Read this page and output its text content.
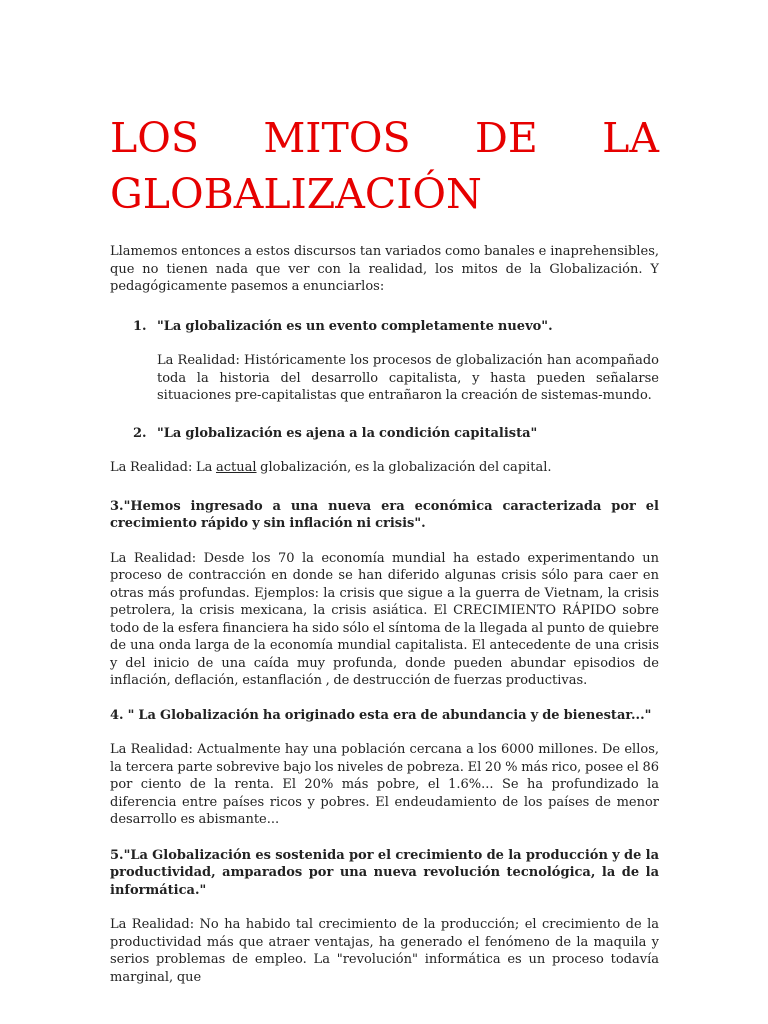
LOS MITOS DE LA
GLOBALIZACIÓN

Llamemos entonces a estos discursos tan variados como banales e inaprehensibles, que no tienen nada que ver con la realidad, los mitos de la Globalización. Y pedagógicamente pasemos a enunciarlos:

1. "La globalización es un evento completamente nuevo".

La Realidad: Históricamente los procesos de globalización han acompañado toda la historia del desarrollo capitalista, y hasta pueden señalarse situaciones pre-capitalistas que entrañaron la creación de sistemas-mundo.

2. "La globalización es ajena a la condición capitalista"

La Realidad: La actual globalización, es la globalización del capital.

3."Hemos ingresado a una nueva era económica caracterizada por el crecimiento rápido y sin inflación ni crisis".

La Realidad: Desde los 70 la economía mundial ha estado experimentando un proceso de contracción en donde se han diferido algunas crisis sólo para caer en otras más profundas. Ejemplos: la crisis que sigue a la guerra de Vietnam, la crisis petrolera, la crisis mexicana, la crisis asiática. El CRECIMIENTO RÁPIDO sobre todo de la esfera financiera ha sido sólo el síntoma de la llegada al punto de quiebre de una onda larga de la economía mundial capitalista. El antecedente de una crisis y del inicio de una caída muy profunda, donde pueden abundar episodios de inflación, deflación, estanflación , de destrucción de fuerzas productivas.

4. " La Globalización ha originado esta era de abundancia y de bienestar..."

La Realidad: Actualmente hay una población cercana a los 6000 millones. De ellos, la tercera parte sobrevive bajo los niveles de pobreza. El 20 % más rico, posee el 86 por ciento de la renta. El 20% más pobre, el 1.6%... Se ha profundizado la diferencia entre países ricos y pobres. El endeudamiento de los países de menor desarrollo es abismante...

5."La Globalización es sostenida por el crecimiento de la producción y de la productividad, amparados por una nueva revolución tecnológica, la de la informática."

La Realidad: No ha habido tal crecimiento de la producción; el crecimiento de la productividad más que atraer ventajas, ha generado el fenómeno de la maquila y serios problemas de empleo. La "revolución" informática es un proceso todavía marginal, que
